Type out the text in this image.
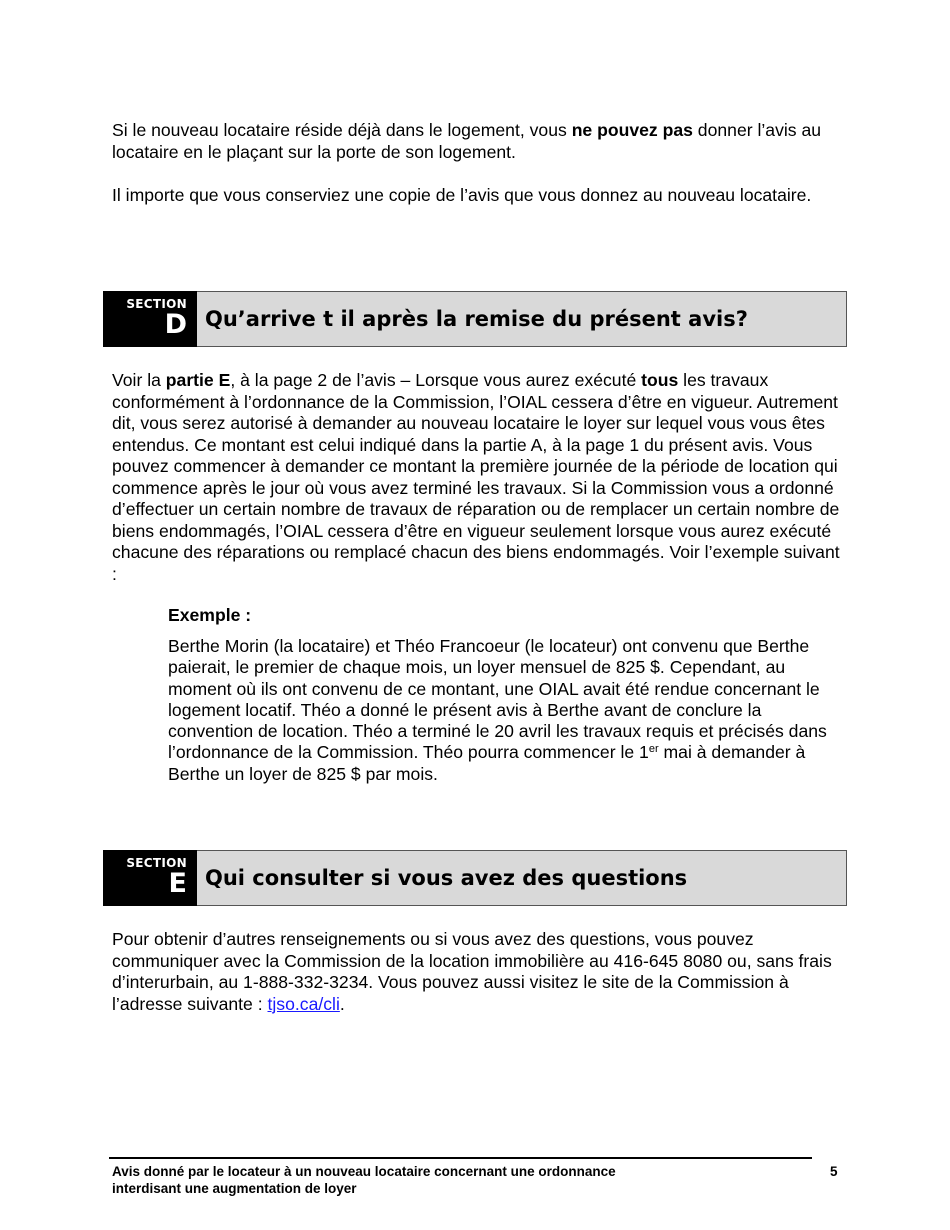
Si le nouveau locataire réside déjà dans le logement, vous ne pouvez pas donner l’avis au locataire en le plaçant sur la porte de son logement.

Il importe que vous conserviez une copie de l’avis que vous donnez au nouveau locataire.

SECTION
D Qu’arrive t il après la remise du présent avis?

Voir la partie E, à la page 2 de l’avis – Lorsque vous aurez exécuté tous les travaux conformément à l’ordonnance de la Commission, l’OIAL cessera d’être en vigueur. Autrement dit, vous serez autorisé à demander au nouveau locataire le loyer sur lequel vous vous êtes entendus. Ce montant est celui indiqué dans la partie A, à la page 1 du présent avis. Vous pouvez commencer à demander ce montant la première journée de la période de location qui commence après le jour où vous avez terminé les travaux. Si la Commission vous a ordonné d’effectuer un certain nombre de travaux de réparation ou de remplacer un certain nombre de biens endommagés, l’OIAL cessera d’être en vigueur seulement lorsque vous aurez exécuté chacune des réparations ou remplacé chacun des biens endommagés. Voir l’exemple suivant :

Exemple :

Berthe Morin (la locataire) et Théo Francoeur (le locateur) ont convenu que Berthe paierait, le premier de chaque mois, un loyer mensuel de 825 $. Cependant, au moment où ils ont convenu de ce montant, une OIAL avait été rendue concernant le logement locatif. Théo a donné le présent avis à Berthe avant de conclure la convention de location. Théo a terminé le 20 avril les travaux requis et précisés dans l’ordonnance de la Commission. Théo pourra commencer le 1er mai à demander à Berthe un loyer de 825 $ par mois.

SECTION
E Qui consulter si vous avez des questions

Pour obtenir d’autres renseignements ou si vous avez des questions, vous pouvez communiquer avec la Commission de la location immobilière au 416-645 8080 ou, sans frais d’interurbain, au 1-888-332-3234. Vous pouvez aussi visitez le site de la Commission à l’adresse suivante : tjso.ca/cli.

Avis donné par le locateur à un nouveau locataire concernant une ordonnance interdisant une augmentation de loyer
5
